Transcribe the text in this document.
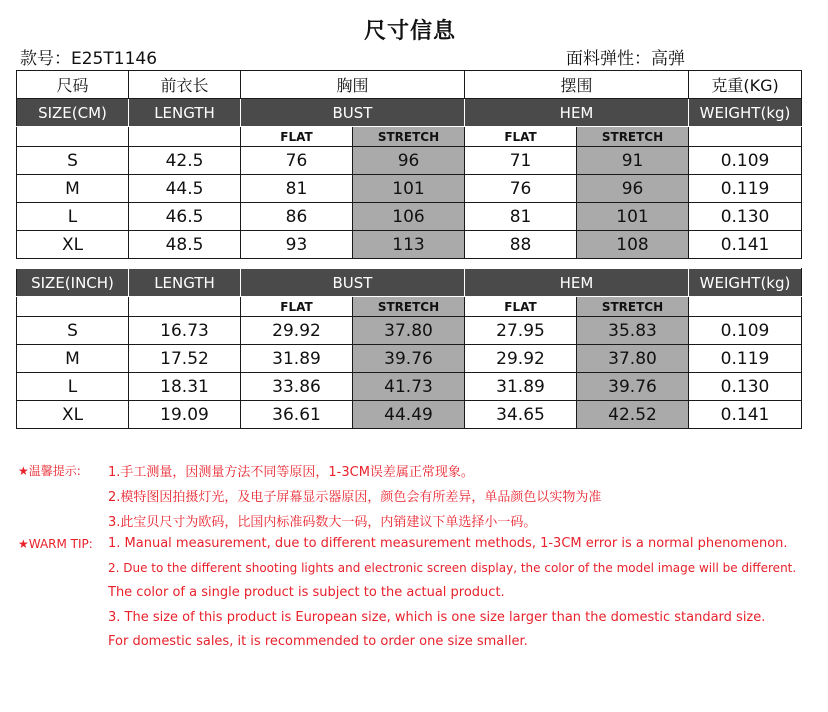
尺寸信息
款号：E25T1146	面料弹性：高弹
尺码	前衣长	胸围		摆围		克重(KG)
SIZE(CM)	LENGTH	BUST		HEM		WEIGHT(kg)
		FLAT	STRETCH	FLAT	STRETCH	
S	42.5	76	96	71	91	0.109
M	44.5	81	101	76	96	0.119
L	46.5	86	106	81	101	0.130
XL	48.5	93	113	88	108	0.141
SIZE(INCH)	LENGTH	BUST		HEM		WEIGHT(kg)
		FLAT	STRETCH	FLAT	STRETCH	
S	16.73	29.92	37.80	27.95	35.83	0.109
M	17.52	31.89	39.76	29.92	37.80	0.119
L	18.31	33.86	41.73	31.89	39.76	0.130
XL	19.09	36.61	44.49	34.65	42.52	0.141
★温馨提示: 1.手工测量，因测量方法不同等原因，1-3CM误差属正常现象。
2.模特图因拍摄灯光，及电子屏幕显示器原因，颜色会有所差异，单品颜色以实物为准
3.此宝贝尺寸为欧码，比国内标准码数大一码，内销建议下单选择小一码。
★WARM TIP: 1. Manual measurement, due to different measurement methods, 1-3CM error is a normal phenomenon.
2. Due to the different shooting lights and electronic screen display, the color of the model image will be different.
The color of a single product is subject to the actual product.
3. The size of this product is European size, which is one size larger than the domestic standard size.
For domestic sales, it is recommended to order one size smaller.
